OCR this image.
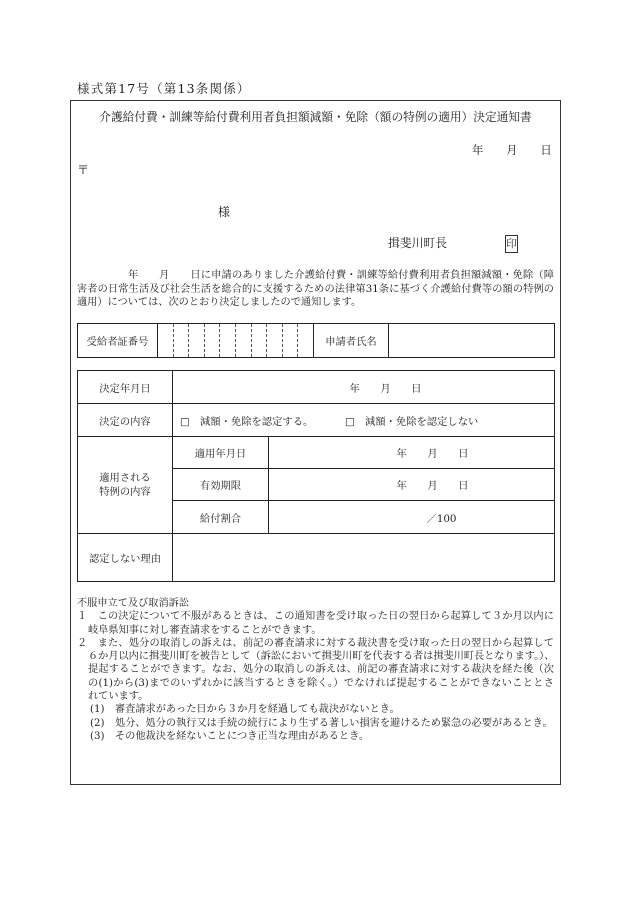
様式第17号（第13条関係）
介護給付費・訓練等給付費利用者負担額減額・免除（額の特例の適用）決定通知書
年　　月　　日
〒
様
揖斐川町長	印
年　　月　　日に申請のありました介護給付費・訓練等給付費利用者負担額減額・免除（障
害者の日常生活及び社会生活を総合的に支援するための法律第31条に基づく介護給付費等の額の特例の
適用）については、次のとおり決定しましたので通知します。
受給者証番号											申請者氏名	
決定年月日	年　　月　　日	
決定の内容	□ 減額・免除を認定する。 □ 減額・免除を認定しない	

適用される
特例の内容	適用年月日	年　　月　　日
	有効期限	年　　月　　日
	給付割合	／100
認定しない理由		
不服申立て及び取消訴訟
１ この決定について不服があるときは、この通知書を受け取った日の翌日から起算して３か月以内に
岐阜県知事に対し審査請求をすることができます。
２ また、処分の取消しの訴えは、前記の審査請求に対する裁決書を受け取った日の翌日から起算して
６か月以内に揖斐川町を被告として（訴訟において揖斐川町を代表する者は揖斐川町長となります。）、
提起することができます。なお、処分の取消しの訴えは、前記の審査請求に対する裁決を経た後（次
の(1)から(3)までのいずれかに該当するときを除く。）でなければ提起することができないこととさ
れています。
(1) 審査請求があった日から３か月を経過しても裁決がないとき。
(2) 処分、処分の執行又は手続の続行により生ずる著しい損害を避けるため緊急の必要があるとき。
(3) その他裁決を経ないことにつき正当な理由があるとき。
